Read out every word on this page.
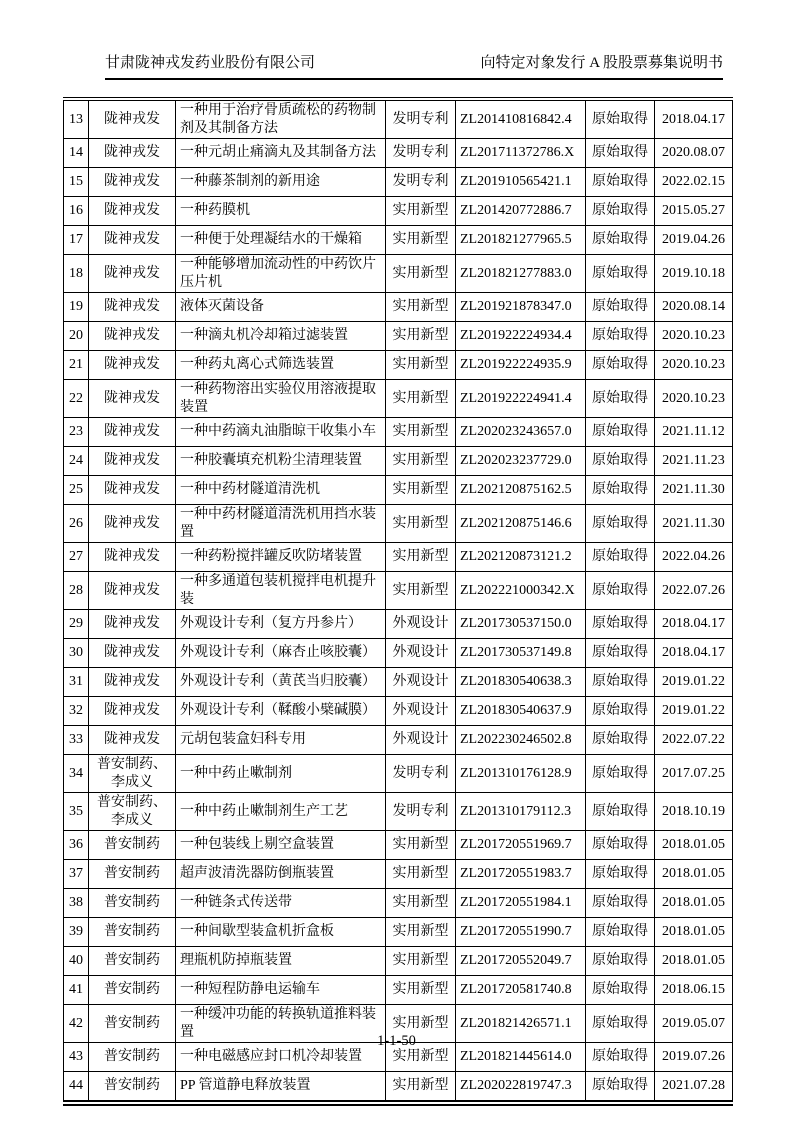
甘肃陇神戎发药业股份有限公司	向特定对象发行 A 股股票募集说明书
13	陇神戎发	一种用于治疗骨质疏松的药物制剂及其制备方法	发明专利	ZL201410816842.4	原始取得	2018.04.17
14	陇神戎发	一种元胡止痛滴丸及其制备方法	发明专利	ZL201711372786.X	原始取得	2020.08.07
15	陇神戎发	一种藤茶制剂的新用途	发明专利	ZL201910565421.1	原始取得	2022.02.15
16	陇神戎发	一种药膜机	实用新型	ZL201420772886.7	原始取得	2015.05.27
17	陇神戎发	一种便于处理凝结水的干燥箱	实用新型	ZL201821277965.5	原始取得	2019.04.26
18	陇神戎发	一种能够增加流动性的中药饮片压片机	实用新型	ZL201821277883.0	原始取得	2019.10.18
19	陇神戎发	液体灭菌设备	实用新型	ZL201921878347.0	原始取得	2020.08.14
20	陇神戎发	一种滴丸机冷却箱过滤装置	实用新型	ZL201922224934.4	原始取得	2020.10.23
21	陇神戎发	一种药丸离心式筛选装置	实用新型	ZL201922224935.9	原始取得	2020.10.23
22	陇神戎发	一种药物溶出实验仪用溶液提取装置	实用新型	ZL201922224941.4	原始取得	2020.10.23
23	陇神戎发	一种中药滴丸油脂晾干收集小车	实用新型	ZL202023243657.0	原始取得	2021.11.12
24	陇神戎发	一种胶囊填充机粉尘清理装置	实用新型	ZL202023237729.0	原始取得	2021.11.23
25	陇神戎发	一种中药材隧道清洗机	实用新型	ZL202120875162.5	原始取得	2021.11.30
26	陇神戎发	一种中药材隧道清洗机用挡水装置	实用新型	ZL202120875146.6	原始取得	2021.11.30
27	陇神戎发	一种药粉搅拌罐反吹防堵装置	实用新型	ZL202120873121.2	原始取得	2022.04.26
28	陇神戎发	一种多通道包装机搅拌电机提升装	实用新型	ZL202221000342.X	原始取得	2022.07.26
29	陇神戎发	外观设计专利（复方丹参片）	外观设计	ZL201730537150.0	原始取得	2018.04.17
30	陇神戎发	外观设计专利（麻杏止咳胶囊）	外观设计	ZL201730537149.8	原始取得	2018.04.17
31	陇神戎发	外观设计专利（黄芪当归胶囊）	外观设计	ZL201830540638.3	原始取得	2019.01.22
32	陇神戎发	外观设计专利（鞣酸小檗碱膜）	外观设计	ZL201830540637.9	原始取得	2019.01.22
33	陇神戎发	元胡包装盒妇科专用	外观设计	ZL202230246502.8	原始取得	2022.07.22
34	普安制药、李成义	一种中药止嗽制剂	发明专利	ZL201310176128.9	原始取得	2017.07.25
35	普安制药、李成义	一种中药止嗽制剂生产工艺	发明专利	ZL201310179112.3	原始取得	2018.10.19
36	普安制药	一种包装线上剔空盒装置	实用新型	ZL201720551969.7	原始取得	2018.01.05
37	普安制药	超声波清洗器防倒瓶装置	实用新型	ZL201720551983.7	原始取得	2018.01.05
38	普安制药	一种链条式传送带	实用新型	ZL201720551984.1	原始取得	2018.01.05
39	普安制药	一种间歇型装盒机折盒板	实用新型	ZL201720551990.7	原始取得	2018.01.05
40	普安制药	理瓶机防掉瓶装置	实用新型	ZL201720552049.7	原始取得	2018.01.05
41	普安制药	一种短程防静电运输车	实用新型	ZL201720581740.8	原始取得	2018.06.15
42	普安制药	一种缓冲功能的转换轨道推料装置	实用新型	ZL201821426571.1	原始取得	2019.05.07
43	普安制药	一种电磁感应封口机冷却装置	实用新型	ZL201821445614.0	原始取得	2019.07.26
44	普安制药	PP 管道静电释放装置	实用新型	ZL202022819747.3	原始取得	2021.07.28
1-1-50
